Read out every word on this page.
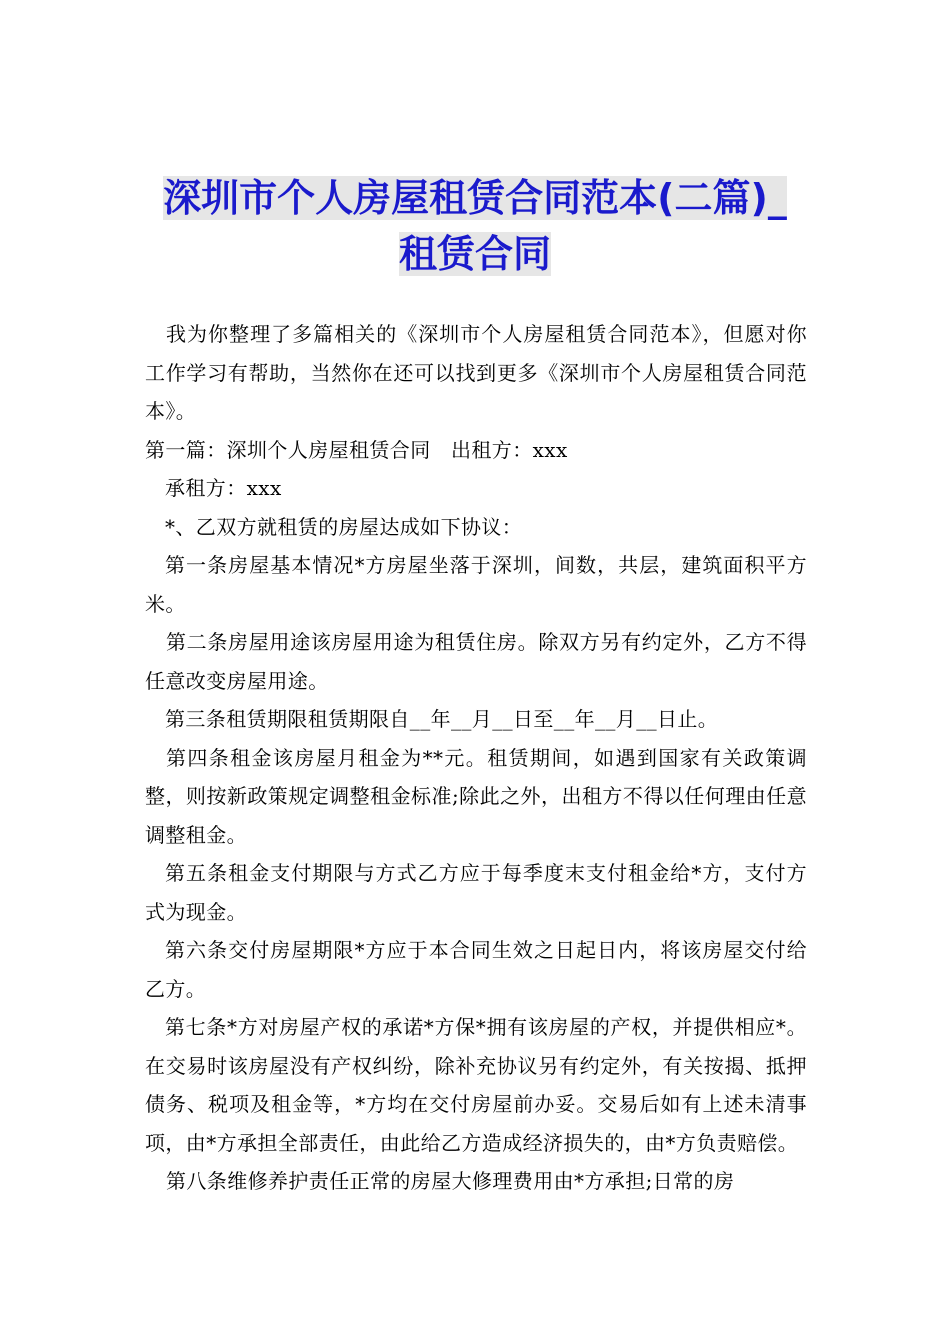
深圳市个人房屋租赁合同范本(二篇)_
租赁合同

我为你整理了多篇相关的《深圳市个人房屋租赁合同范本》，但愿对你工作学习有帮助，当然你在还可以找到更多《深圳市个人房屋租赁合同范本》。

第一篇：深圳个人房屋租赁合同　出租方：xxx

承租方：xxx

*、乙双方就租赁的房屋达成如下协议：

第一条房屋基本情况*方房屋坐落于深圳，间数，共层，建筑面积平方米。

第二条房屋用途该房屋用途为租赁住房。除双方另有约定外，乙方不得任意改变房屋用途。

第三条租赁期限租赁期限自__年__月__日至__年__月__日止。

第四条租金该房屋月租金为**元。租赁期间，如遇到国家有关政策调整，则按新政策规定调整租金标准;除此之外，出租方不得以任何理由任意调整租金。

第五条租金支付期限与方式乙方应于每季度末支付租金给*方，支付方式为现金。

第六条交付房屋期限*方应于本合同生效之日起日内，将该房屋交付给乙方。

第七条*方对房屋产权的承诺*方保*拥有该房屋的产权，并提供相应*。在交易时该房屋没有产权纠纷，除补充协议另有约定外，有关按揭、抵押债务、税项及租金等，*方均在交付房屋前办妥。交易后如有上述未清事项，由*方承担全部责任，由此给乙方造成经济损失的，由*方负责赔偿。

第八条维修养护责任正常的房屋大修理费用由*方承担;日常的房
